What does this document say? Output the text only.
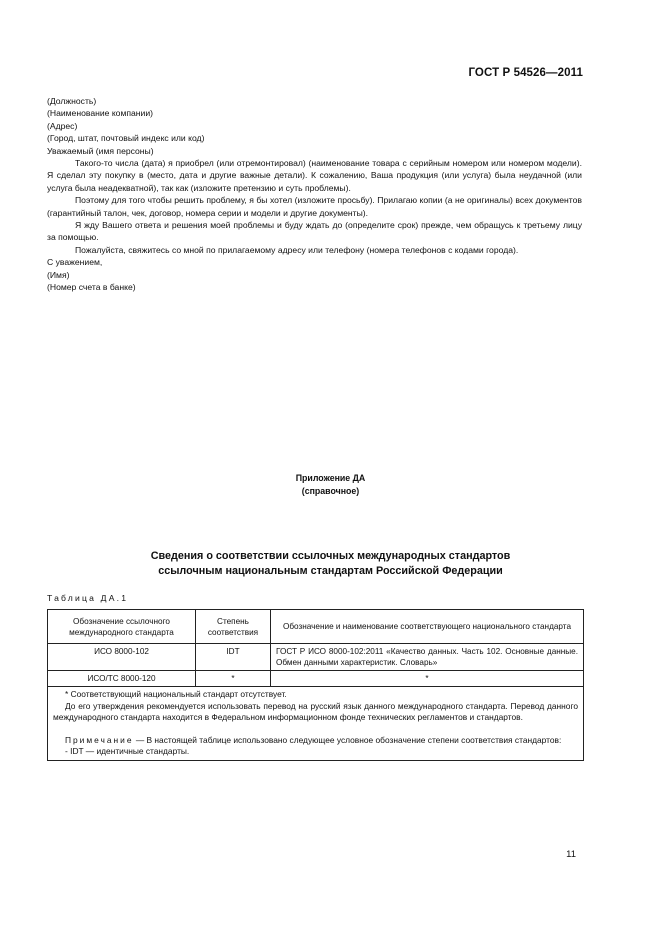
ГОСТ Р 54526—2011
(Должность)
(Наименование компании)
(Адрес)
(Город, штат, почтовый индекс или код)
Уважаемый (имя персоны)
Такого-то числа (дата) я приобрел (или отремонтировал) (наименование товара с серийным номером или номером модели). Я сделал эту покупку в (место, дата и другие важные детали). К сожалению, Ваша продукция (или услуга) была неудачной (или услуга была неадекватной), так как (изложите претензию и суть проблемы).
Поэтому для того чтобы решить проблему, я бы хотел (изложите просьбу). Прилагаю копии (а не оригиналы) всех документов (гарантийный талон, чек, договор, номера серии и модели и другие документы).
Я жду Вашего ответа и решения моей проблемы и буду ждать до (определите срок) прежде, чем обращусь к третьему лицу за помощью.
Пожалуйста, свяжитесь со мной по прилагаемому адресу или телефону (номера телефонов с кодами города).
С уважением,
(Имя)
(Номер счета в банке)
Приложение ДА
(справочное)
Сведения о соответствии ссылочных международных стандартов
ссылочным национальным стандартам Российской Федерации
Таблица ДА.1
Обозначение ссылочного международного стандарта	Степень соответствия	Обозначение и наименование соответствующего национального стандарта
ИСО 8000-102	IDT	ГОСТ Р ИСО 8000-102:2011 «Качество данных. Часть 102. Основные данные. Обмен данными характеристик. Словарь»
ИСО/ТС 8000-120	*	*

* Соответствующий национальный стандарт отсутствует.
До его утверждения рекомендуется использовать перевод на русский язык данного международного стандарта. Перевод данного международного стандарта находится в Федеральном информационном фонде технических регламентов и стандартов.
Примечание — В настоящей таблице использовано следующее условное обозначение степени соответствия стандартов:
- IDT — идентичные стандарты.		
11
